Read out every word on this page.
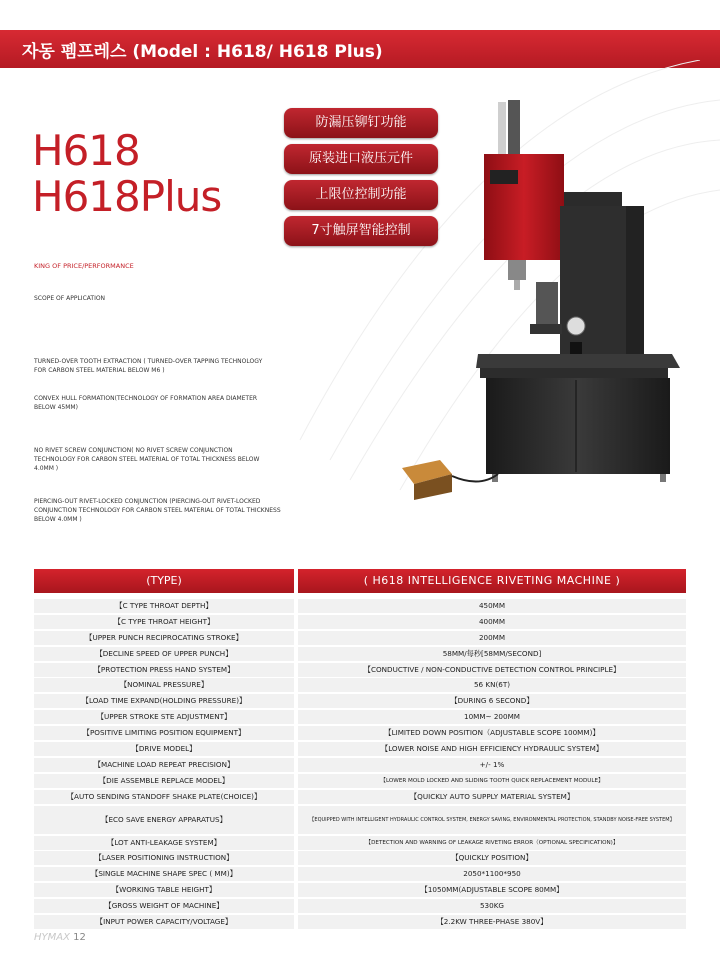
자동 펨프레스 (Model : H618/ H618 Plus)
H618
H618Plus
KING OF PRICE/PERFORMANCE
SCOPE OF APPLICATION
TURNED-OVER TOOTH EXTRACTION ( TURNED-OVER TAPPING TECHNOLOGY FOR CARBON STEEL MATERIAL BELOW M6 )
CONVEX HULL FORMATION(TECHNOLOGY OF FORMATION AREA DIAMETER BELOW 45MM)
NO RIVET SCREW CONJUNCTION( NO RIVET SCREW CONJUNCTION TECHNOLOGY FOR CARBON STEEL MATERIAL OF TOTAL THICKNESS BELOW 4.0MM )
PIERCING-OUT RIVET-LOCKED CONJUNCTION (PIERCING-OUT RIVET-LOCKED CONJUNCTION TECHNOLOGY FOR CARBON STEEL MATERIAL OF TOTAL THICKNESS BELOW 4.0MM )
防漏压铆钉功能
原装进口液压元件
上限位控制功能
7寸触屏智能控制
(TYPE)	( H618 INTELLIGENCE RIVETING MACHINE )
【C TYPE THROAT DEPTH】	450MM
【C TYPE THROAT HEIGHT】	400MM
【UPPER PUNCH RECIPROCATING STROKE】	200MM
【DECLINE SPEED OF UPPER PUNCH】	58MM/每秒[58MM/SECOND]
【PROTECTION PRESS HAND SYSTEM】	【CONDUCTIVE / NON-CONDUCTIVE DETECTION CONTROL PRINCIPLE】
【NOMINAL PRESSURE】	56 KN(6T)
【LOAD TIME EXPAND(HOLDING PRESSURE)】	【DURING 6 SECOND】
【UPPER STROKE STE ADJUSTMENT】	10MM~ 200MM
【POSITIVE LIMITING POSITION EQUIPMENT】	【LIMITED DOWN POSITION（ADJUSTABLE SCOPE 100MM)】
【DRIVE MODEL】	【LOWER NOISE AND HIGH EFFICIENCY HYDRAULIC SYSTEM】
【MACHINE LOAD REPEAT PRECISION】	+/- 1%
【DIE ASSEMBLE REPLACE MODEL】	【LOWER MOLD LOCKED AND SLIDING TOOTH QUICK REPLACEMENT MODULE】
【AUTO SENDING STANDOFF SHAKE PLATE(CHOICE)】	【QUICKLY AUTO SUPPLY MATERIAL SYSTEM】
【ECO SAVE ENERGY APPARATUS】	【EQUIPPED WITH INTELLIGENT HYDRAULIC CONTROL SYSTEM, ENERGY SAVING, ENVIRONMENTAL PROTECTION, STANDBY NOISE-FREE SYSTEM】
【LOT ANTI-LEAKAGE SYSTEM】	【DETECTION AND WARNING OF LEAKAGE RIVETING ERROR（OPTIONAL SPECIFICATION)】
【LASER POSITIONING INSTRUCTION】	【QUICKLY POSITION】
【SINGLE MACHINE SHAPE SPEC ( MM)】	2050*1100*950
【WORKING TABLE HEIGHT】	【1050MM(ADJUSTABLE SCOPE 80MM】
【GROSS WEIGHT OF MACHINE】	530KG
【INPUT POWER CAPACITY/VOLTAGE】	【2.2KW THREE-PHASE 380V】
HYMAX 12
